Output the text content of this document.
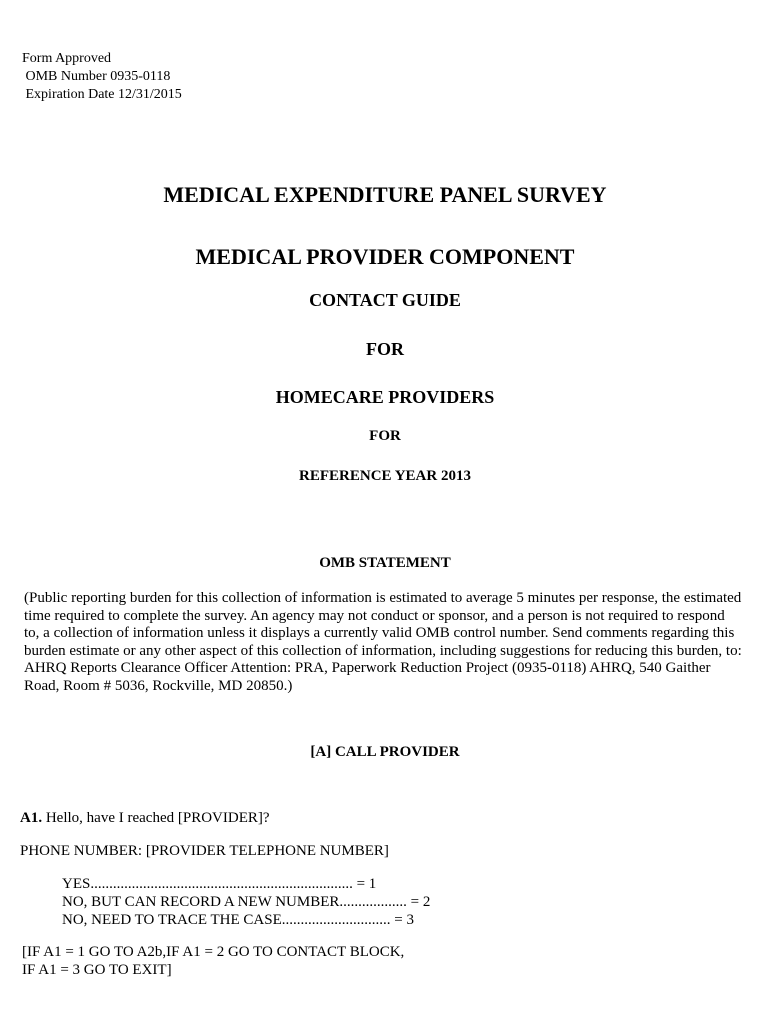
Form Approved
OMB Number 0935-0118
Expiration Date 12/31/2015
MEDICAL EXPENDITURE PANEL SURVEY
MEDICAL PROVIDER COMPONENT
CONTACT GUIDE
FOR
HOMECARE PROVIDERS
FOR
REFERENCE YEAR 2013
OMB STATEMENT
(Public reporting burden for this collection of information is estimated to average 5 minutes per response, the estimated
time required to complete the survey. An agency may not conduct or sponsor, and a person is not required to respond
to, a collection of information unless it displays a currently valid OMB control number. Send comments regarding this
burden estimate or any other aspect of this collection of information, including suggestions for reducing this burden, to:
AHRQ Reports Clearance Officer Attention: PRA, Paperwork Reduction Project (0935-0118) AHRQ, 540 Gaither
Road, Room # 5036, Rockville, MD 20850.)
[A] CALL PROVIDER
A1. Hello, have I reached [PROVIDER]?
PHONE NUMBER: [PROVIDER TELEPHONE NUMBER]
YES...................................................................... = 1
NO, BUT CAN RECORD A NEW NUMBER.................. = 2
NO, NEED TO TRACE THE CASE............................. = 3
[IF A1 = 1 GO TO A2b,IF A1 = 2 GO TO CONTACT BLOCK,
IF A1 = 3 GO TO EXIT]
